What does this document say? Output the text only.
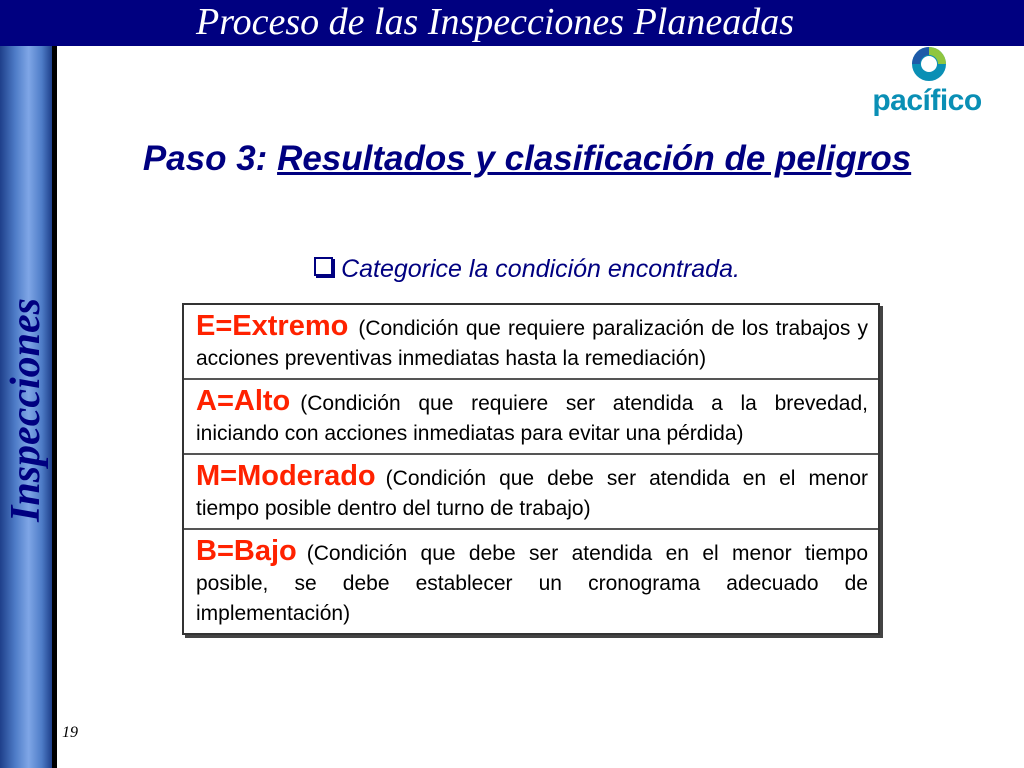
Proceso de las Inspecciones Planeadas
Inspecciones
pacífico
Paso 3: Resultados y clasificación de peligros
Categorice la condición encontrada.
E=Extremo (Condición que requiere paralización de los trabajos y acciones preventivas inmediatas hasta la remediación)
A=Alto (Condición que requiere ser atendida a la brevedad, iniciando con acciones inmediatas para evitar una pérdida)
M=Moderado (Condición que debe ser atendida en el menor tiempo posible dentro del turno de trabajo)
B=Bajo (Condición que debe ser atendida en el menor tiempo posible, se debe establecer un cronograma adecuado de implementación)
19
